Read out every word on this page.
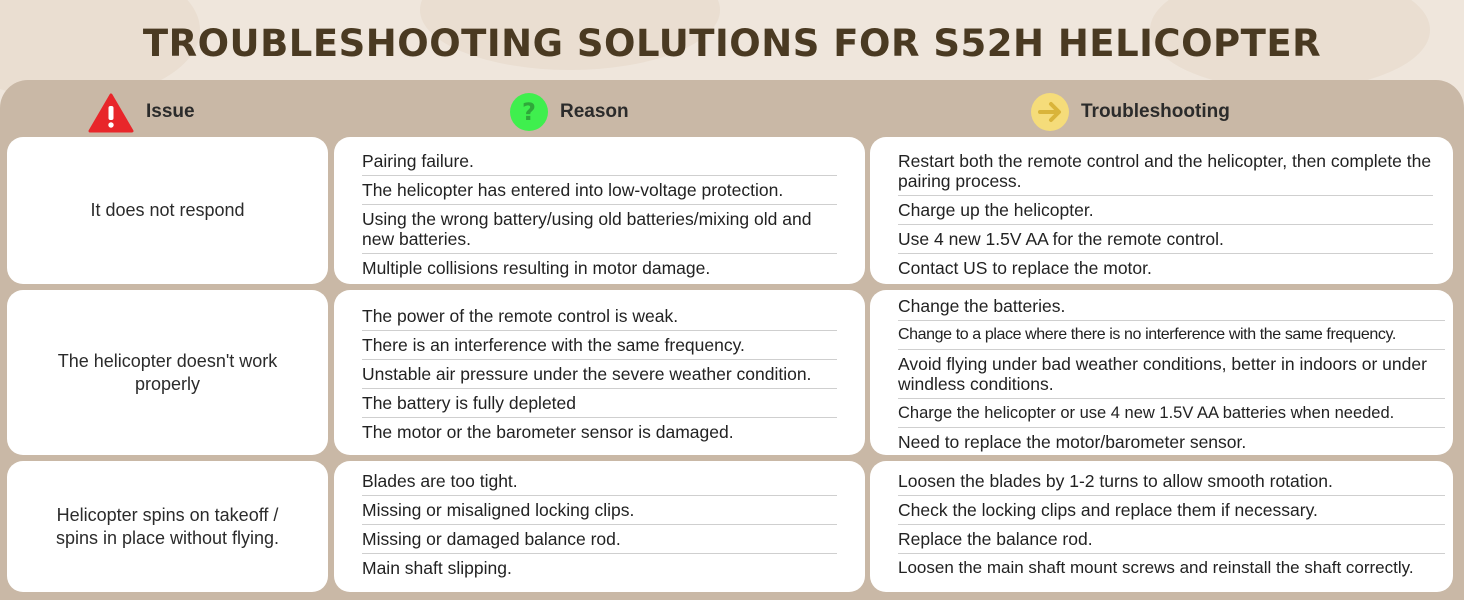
TROUBLESHOOTING SOLUTIONS FOR S52H HELICOPTER
Issue	? Reason	Troubleshooting
It does not respond
Pairing failure.
The helicopter has entered into low-voltage protection.
Using the wrong battery/using old batteries/mixing old and new batteries.
Multiple collisions resulting in motor damage.
Restart both the remote control and the helicopter, then complete the pairing process.
Charge up the helicopter.
Use 4 new 1.5V AA for the remote control.
Contact US to replace the motor.
The helicopter doesn't work properly
The power of the remote control is weak.
There is an interference with the same frequency.
Unstable air pressure under the severe weather condition.
The battery is fully depleted
The motor or the barometer sensor is damaged.
Change the batteries.
Change to a place where there is no interference with the same frequency.
Avoid flying under bad weather conditions, better in indoors or under windless conditions.
Charge the helicopter or use 4 new 1.5V AA batteries when needed.
Need to replace the motor/barometer sensor.
Helicopter spins on takeoff / spins in place without flying.
Blades are too tight.
Missing or misaligned locking clips.
Missing or damaged balance rod.
Main shaft slipping.
Loosen the blades by 1-2 turns to allow smooth rotation.
Check the locking clips and replace them if necessary.
Replace the balance rod.
Loosen the main shaft mount screws and reinstall the shaft correctly.
